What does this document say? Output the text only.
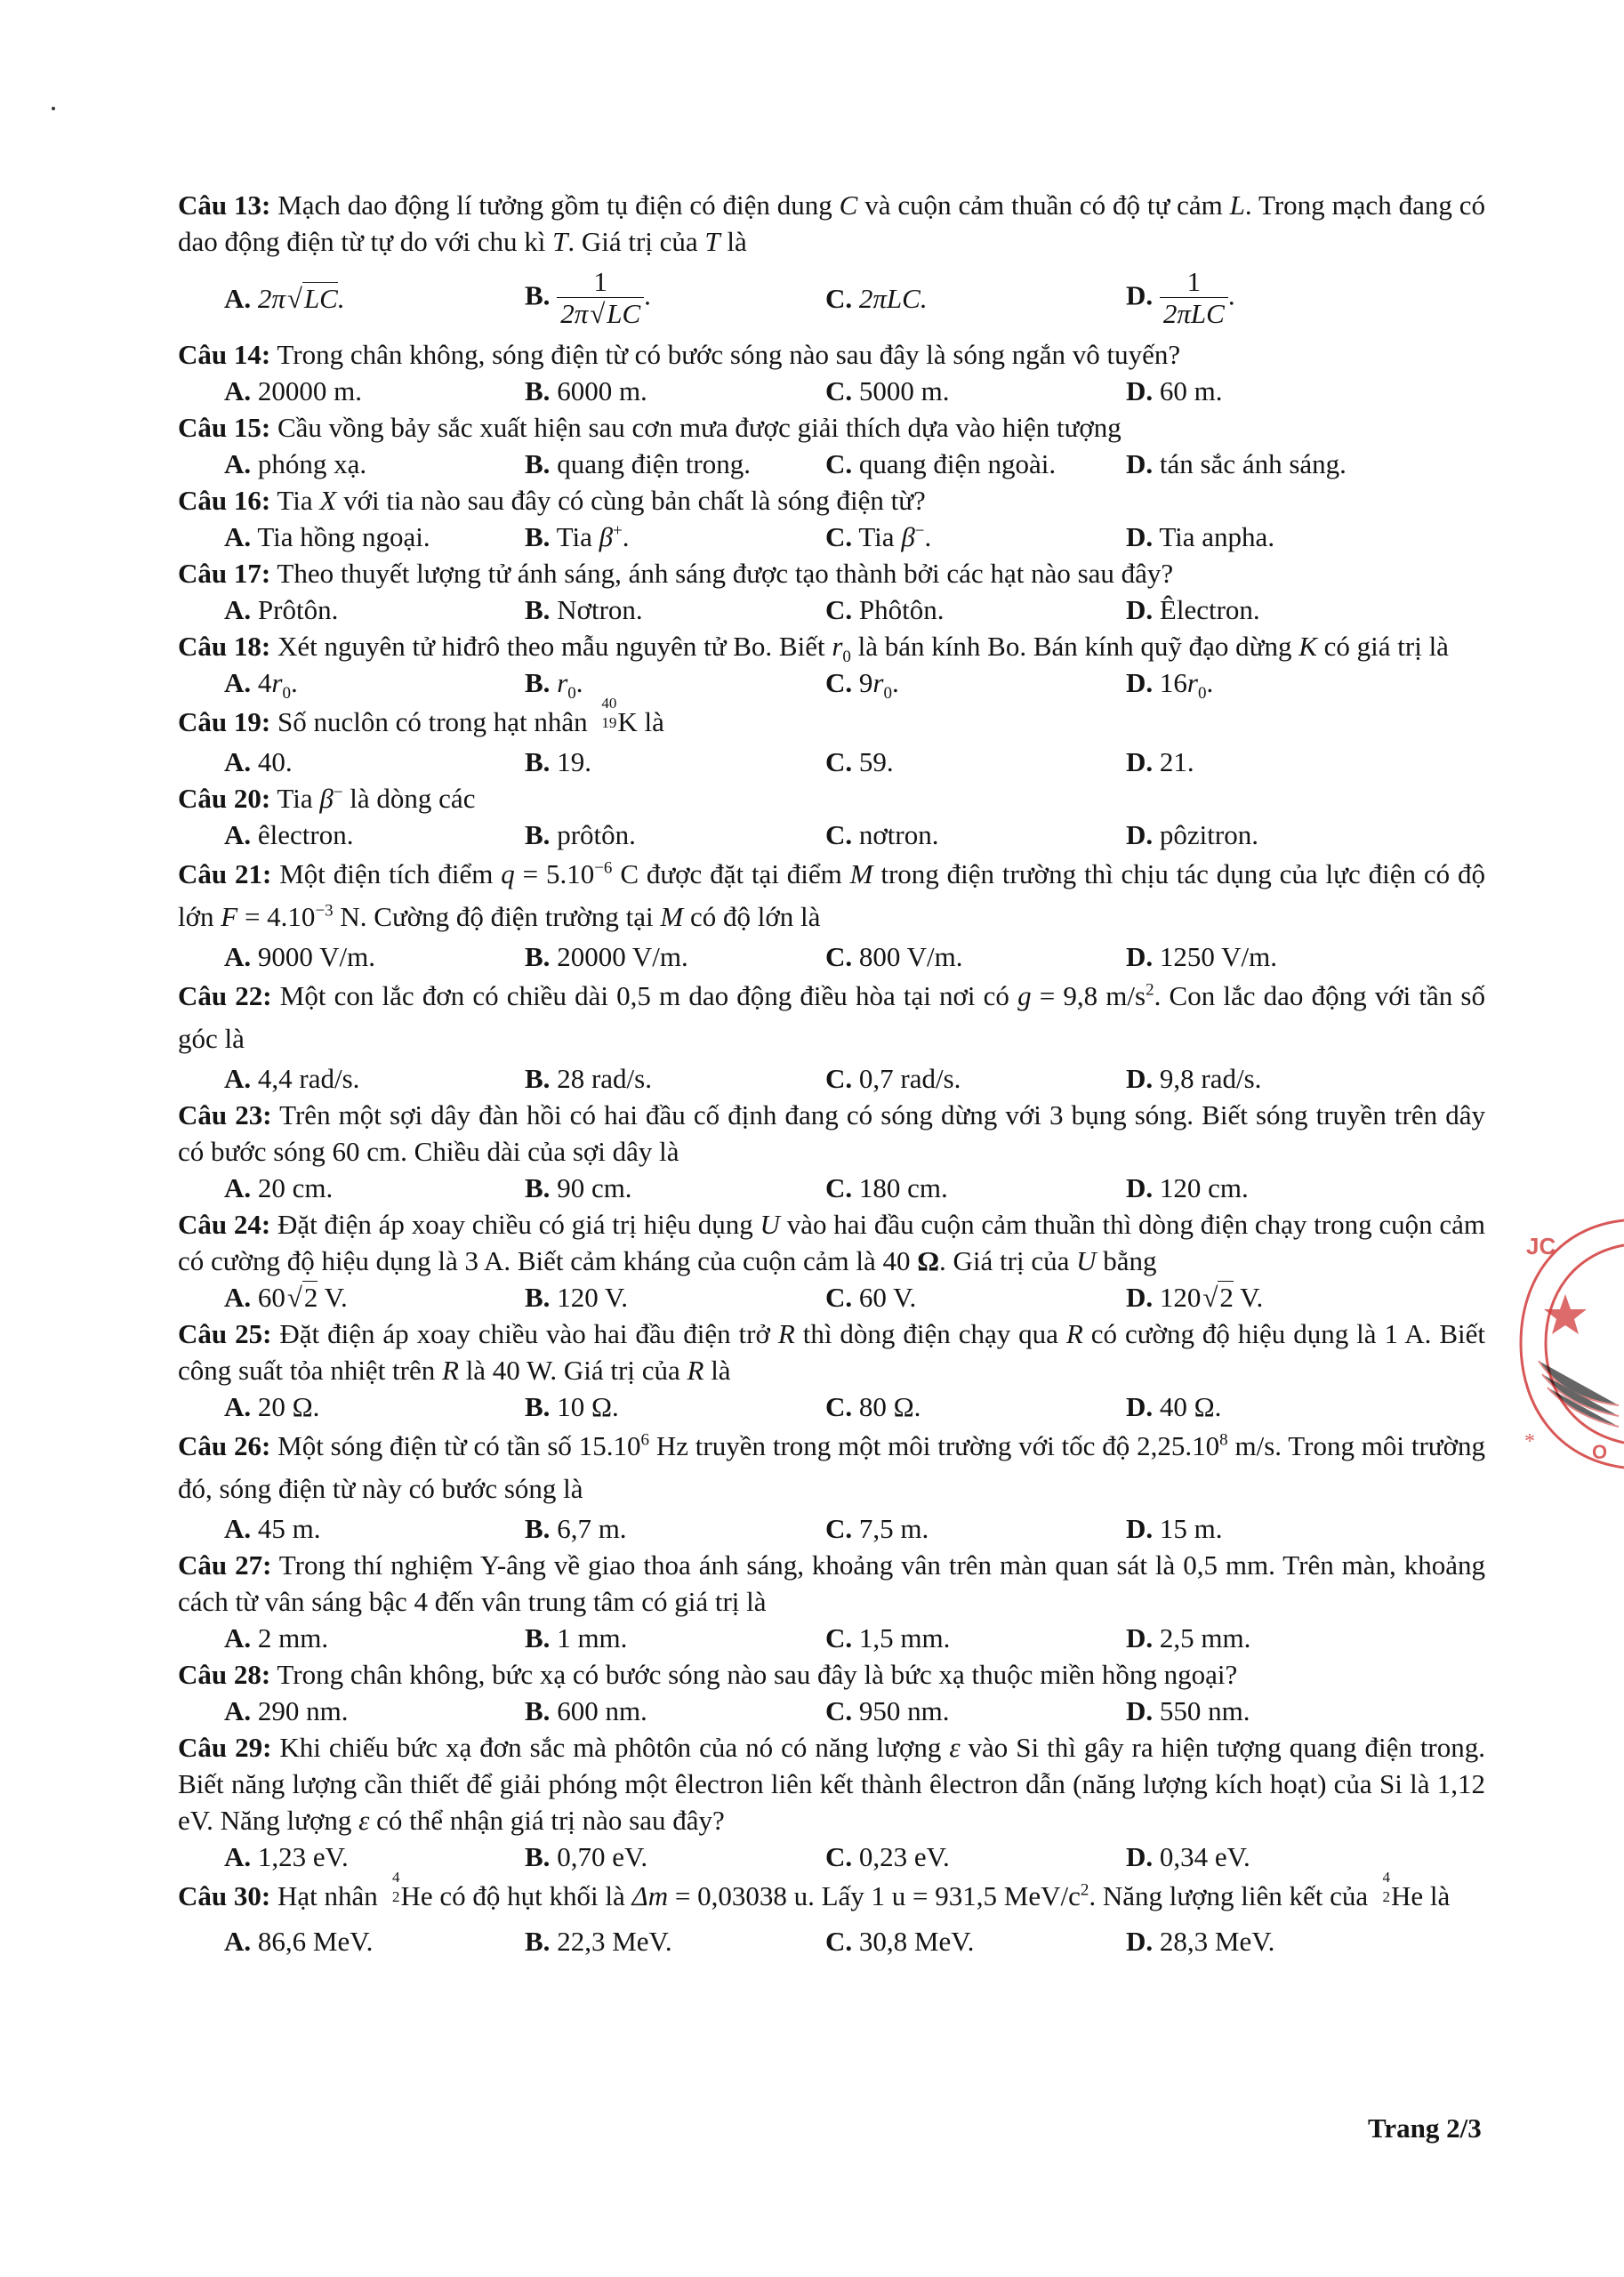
Câu 13: Mạch dao động lí tưởng gồm tụ điện có điện dung C và cuộn cảm thuần có độ tự cảm L. Trong mạch đang có dao động điện từ tự do với chu kì T. Giá trị của T là
A. 2π√LC.	B. $\frac{1}{2\pi√LC}$ .	C. 2πLC.	D. $\frac{1}{\text{2πLC}}$ .
Câu 14: Trong chân không, sóng điện từ có bước sóng nào sau đây là sóng ngắn vô tuyến?
A. 20000 m.	B. 6000 m.	C. 5000 m.	D. 60 m.
Câu 15: Cầu vồng bảy sắc xuất hiện sau cơn mưa được giải thích dựa vào hiện tượng
A. phóng xạ.	B. quang điện trong.	C. quang điện ngoài.	D. tán sắc ánh sáng.
Câu 16: Tia X với tia nào sau đây có cùng bản chất là sóng điện từ?
A. Tia hồng ngoại.	B. Tia β+.	C. Tia β−.	D. Tia anpha.
Câu 17: Theo thuyết lượng tử ánh sáng, ánh sáng được tạo thành bởi các hạt nào sau đây?
A. Prôtôn.	B. Nơtron.	C. Phôtôn.	D. Êlectron.
Câu 18: Xét nguyên tử hiđrô theo mẫu nguyên tử Bo. Biết $r_0$ là bán kính Bo. Bán kính quỹ đạo dừng K có giá trị là
A. $4r_0$.	B. $r_0$.	C. $9r_0$.	D. $16r_0$.
Câu 19: Số nuclôn có trong hạt nhân
40
19 K là
A. 40.	B. 19.	C. 59.	D. 21.
Câu 20: Tia β− là dòng các
A. êlectron.	B. prôtôn.	C. nơtron.	D. pôzitron.
Câu 21: Một điện tích điểm $q = 5.10^{-6}$ C được đặt tại điểm M trong điện trường thì chịu tác dụng của lực điện có độ lớn $F = 4.10^{-3}$ N. Cường độ điện trường tại M có độ lớn là
A. 9000 V/m.	B. 20000 V/m.	C. 800 V/m.	D. 1250 V/m.
Câu 22: Một con lắc đơn có chiều dài 0,5 m dao động điều hòa tại nơi có g = 9,8 $m/s^2$. Con lắc dao động với tần số góc là
A. 4,4 rad/s.	B. 28 rad/s.	C. 0,7 rad/s.	D. 9,8 rad/s.
Câu 23: Trên một sợi dây đàn hồi có hai đầu cố định đang có sóng dừng với 3 bụng sóng. Biết sóng truyền trên dây có bước sóng 60 cm. Chiều dài của sợi dây là
A. 20 cm.	B. 90 cm.	C. 180 cm.	D. 120 cm.
Câu 24: Đặt điện áp xoay chiều có giá trị hiệu dụng U vào hai đầu cuộn cảm thuần thì dòng điện chạy trong cuộn cảm có cường độ hiệu dụng là 3 A. Biết cảm kháng của cuộn cảm là 40 Ω. Giá trị của U bằng
A. 60√2 V.	B. 120 V.	C. 60 V.	D. 120√2 V.
Câu 25: Đặt điện áp xoay chiều vào hai đầu điện trở R thì dòng điện chạy qua R có cường độ hiệu dụng là 1 A. Biết công suất tỏa nhiệt trên R là 40 W. Giá trị của R là
A. 20 Ω.	B. 10 Ω.	C. 80 Ω.	D. 40 Ω.
Câu 26: Một sóng điện từ có tần số 15.10$^6$ Hz truyền trong một môi trường với tốc độ 2,25.10$^8$ m/s. Trong môi trường đó, sóng điện từ này có bước sóng là
A. 45 m.	B. 6,7 m.	C. 7,5 m.	D. 15 m.
Câu 27: Trong thí nghiệm Y-âng về giao thoa ánh sáng, khoảng vân trên màn quan sát là 0,5 mm. Trên màn, khoảng cách từ vân sáng bậc 4 đến vân trung tâm có giá trị là
A. 2 mm.	B. 1 mm.	C. 1,5 mm.	D. 2,5 mm.
Câu 28: Trong chân không, bức xạ có bước sóng nào sau đây là bức xạ thuộc miền hồng ngoại?
A. 290 nm.	B. 600 nm.	C. 950 nm.	D. 550 nm.
Câu 29: Khi chiếu bức xạ đơn sắc mà phôtôn của nó có năng lượng ε vào Si thì gây ra hiện tượng quang điện trong. Biết năng lượng cần thiết để giải phóng một êlectron liên kết thành êlectron dẫn (năng lượng kích hoạt) của Si là 1,12 eV. Năng lượng ε có thể nhận giá trị nào sau đây?
A. 1,23 eV.	B. 0,70 eV.	C. 0,23 eV.	D. 0,34 eV.
Câu 30: Hạt nhân
4
2 He có độ hụt khối là Δm = 0,03038 u. Lấy 1 u = 931,5 MeV/$c^2$. Năng lượng liên kết của
4
2 He là
A. 86,6 MeV.	B. 22,3 MeV.	C. 30,8 MeV.	D. 28,3 MeV.
JC
*	O
Trang 2/3
